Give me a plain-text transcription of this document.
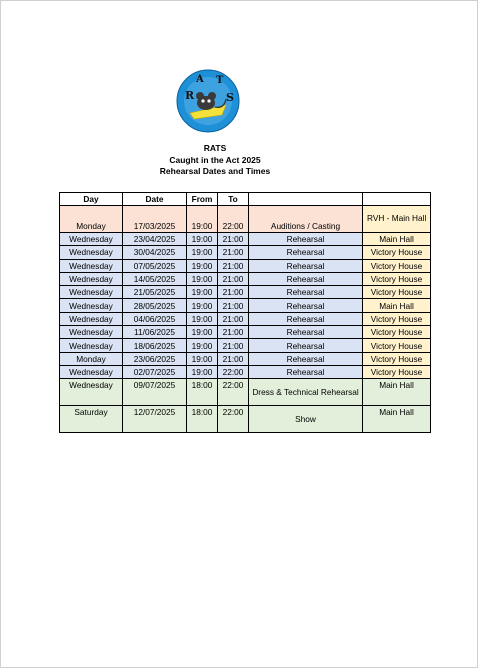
R
A T
S
RATS
Caught in the Act 2025
Rehearsal Dates and Times
Day	Date	From	To		
Monday	17/03/2025	19:00	22:00	Auditions / Casting	RVH - Main Hall
Wednesday	23/04/2025	19:00	21:00	Rehearsal	Main Hall
Wednesday	30/04/2025	19:00	21:00	Rehearsal	Victory House
Wednesday	07/05/2025	19:00	21:00	Rehearsal	Victory House
Wednesday	14/05/2025	19:00	21:00	Rehearsal	Victory House
Wednesday	21/05/2025	19:00	21:00	Rehearsal	Victory House
Wednesday	28/05/2025	19:00	21:00	Rehearsal	Main Hall
Wednesday	04/06/2025	19:00	21:00	Rehearsal	Victory House
Wednesday	11/06/2025	19:00	21:00	Rehearsal	Victory House
Wednesday	18/06/2025	19:00	21:00	Rehearsal	Victory House
Monday	23/06/2025	19:00	21:00	Rehearsal	Victory House
Wednesday	02/07/2025	19:00	22:00	Rehearsal	Victory House
Wednesday	09/07/2025	18:00	22:00	Dress & Technical Rehearsal	Main Hall
Saturday	12/07/2025	18:00	22:00	Show	Main Hall
